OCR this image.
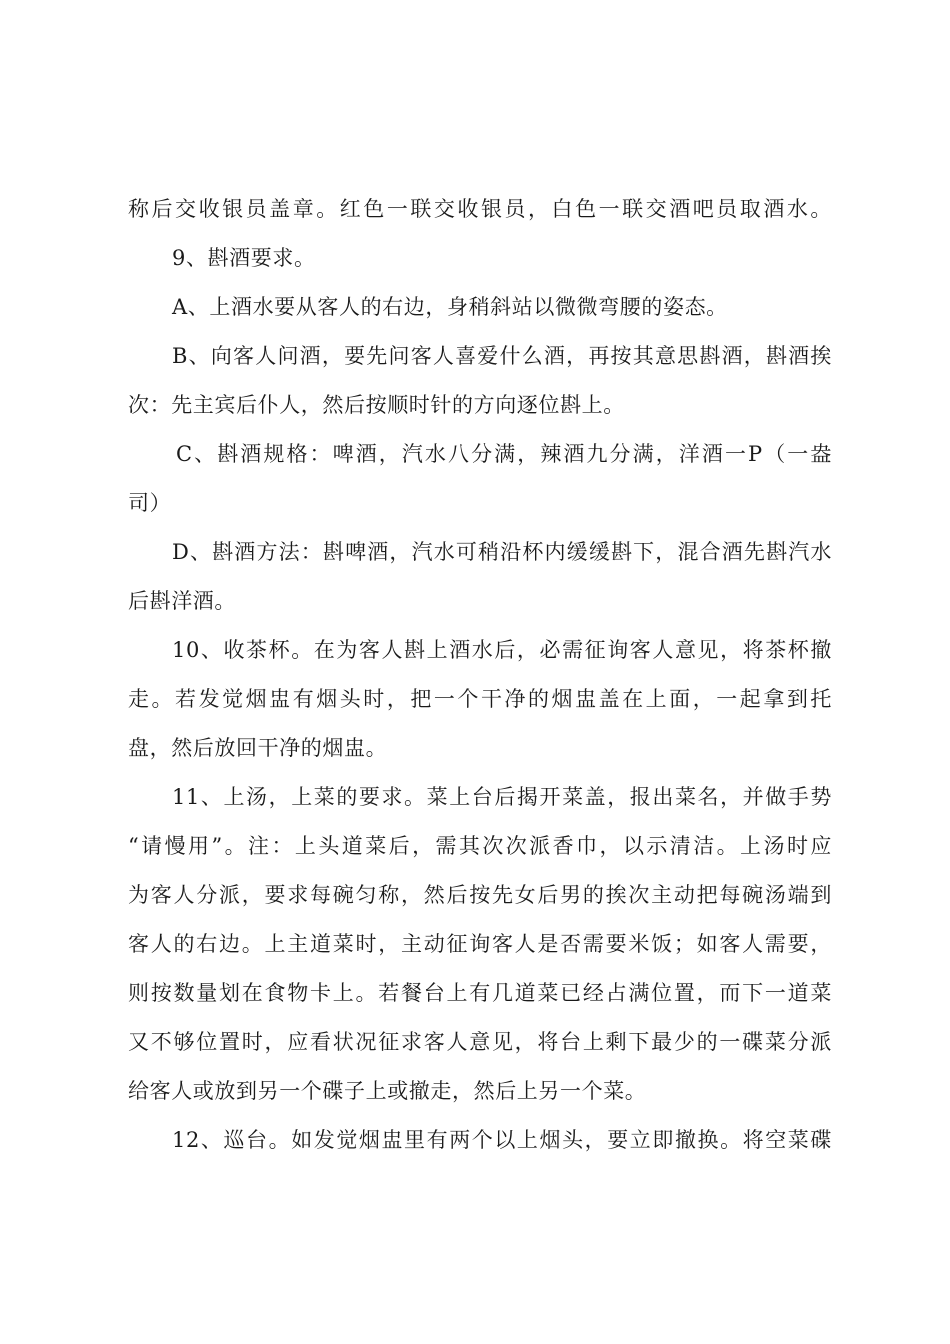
称后交收银员盖章。红色一联交收银员，白色一联交酒吧员取酒水。
9、斟酒要求。
A、上酒水要从客人的右边，身稍斜站以微微弯腰的姿态。
B、向客人问酒，要先问客人喜爱什么酒，再按其意思斟酒，斟酒挨
次：先主宾后仆人，然后按顺时针的方向逐位斟上。
C、斟酒规格：啤酒，汽水八分满，辣酒九分满，洋酒一P（一盎
司）
D、斟酒方法：斟啤酒，汽水可稍沿杯内缓缓斟下，混合酒先斟汽水
后斟洋酒。
10、收茶杯。在为客人斟上酒水后，必需征询客人意见，将茶杯撤
走。若发觉烟盅有烟头时，把一个干净的烟盅盖在上面，一起拿到托
盘，然后放回干净的烟盅。
11、上汤，上菜的要求。菜上台后揭开菜盖，报出菜名，并做手势
“请慢用”。注：上头道菜后，需其次次派香巾，以示清洁。上汤时应
为客人分派，要求每碗匀称，然后按先女后男的挨次主动把每碗汤端到
客人的右边。上主道菜时，主动征询客人是否需要米饭；如客人需要，
则按数量划在食物卡上。若餐台上有几道菜已经占满位置，而下一道菜
又不够位置时，应看状况征求客人意见，将台上剩下最少的一碟菜分派
给客人或放到另一个碟子上或撤走，然后上另一个菜。
12、巡台。如发觉烟盅里有两个以上烟头，要立即撤换。将空菜碟
